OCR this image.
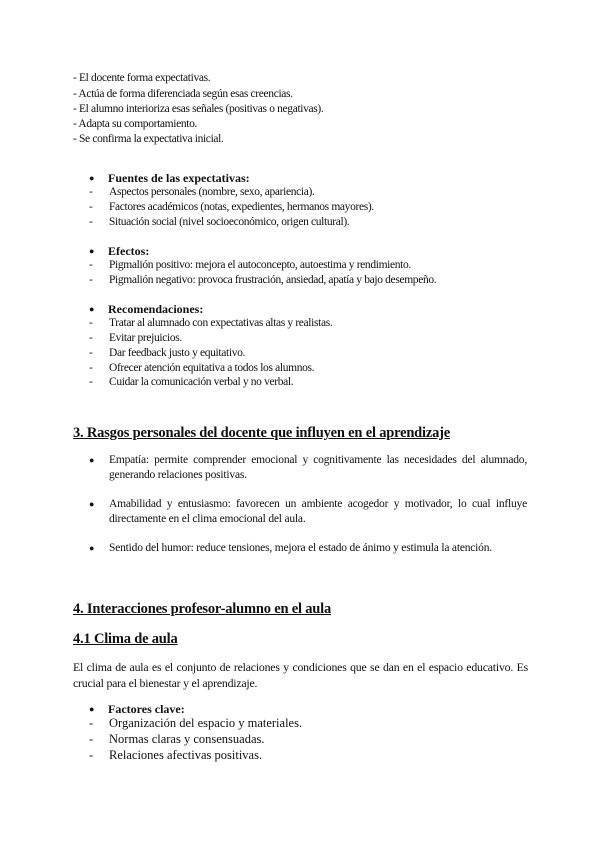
- El docente forma expectativas.
- Actúa de forma diferenciada según esas creencias.
- El alumno interioriza esas señales (positivas o negativas).
- Adapta su comportamiento.
- Se confirma la expectativa inicial.
● Fuentes de las expectativas:
- Aspectos personales (nombre, sexo, apariencia).
- Factores académicos (notas, expedientes, hermanos mayores).
- Situación social (nivel socioeconómico, origen cultural).
● Efectos:
- Pigmalión positivo: mejora el autoconcepto, autoestima y rendimiento.
- Pigmalión negativo: provoca frustración, ansiedad, apatía y bajo desempeño.
● Recomendaciones:
- Tratar al alumnado con expectativas altas y realistas.
- Evitar prejuicios.
- Dar feedback justo y equitativo.
- Ofrecer atención equitativa a todos los alumnos.
- Cuidar la comunicación verbal y no verbal.
3. Rasgos personales del docente que influyen en el aprendizaje
● Empatía: permite comprender emocional y cognitivamente las necesidades del alumnado, generando relaciones positivas.
● Amabilidad y entusiasmo: favorecen un ambiente acogedor y motivador, lo cual influye directamente en el clima emocional del aula.
● Sentido del humor: reduce tensiones, mejora el estado de ánimo y estimula la atención.
4. Interacciones profesor-alumno en el aula
4.1 Clima de aula
El clima de aula es el conjunto de relaciones y condiciones que se dan en el espacio educativo. Es crucial para el bienestar y el aprendizaje.
● Factores clave:
- Organización del espacio y materiales.
- Normas claras y consensuadas.
- Relaciones afectivas positivas.
